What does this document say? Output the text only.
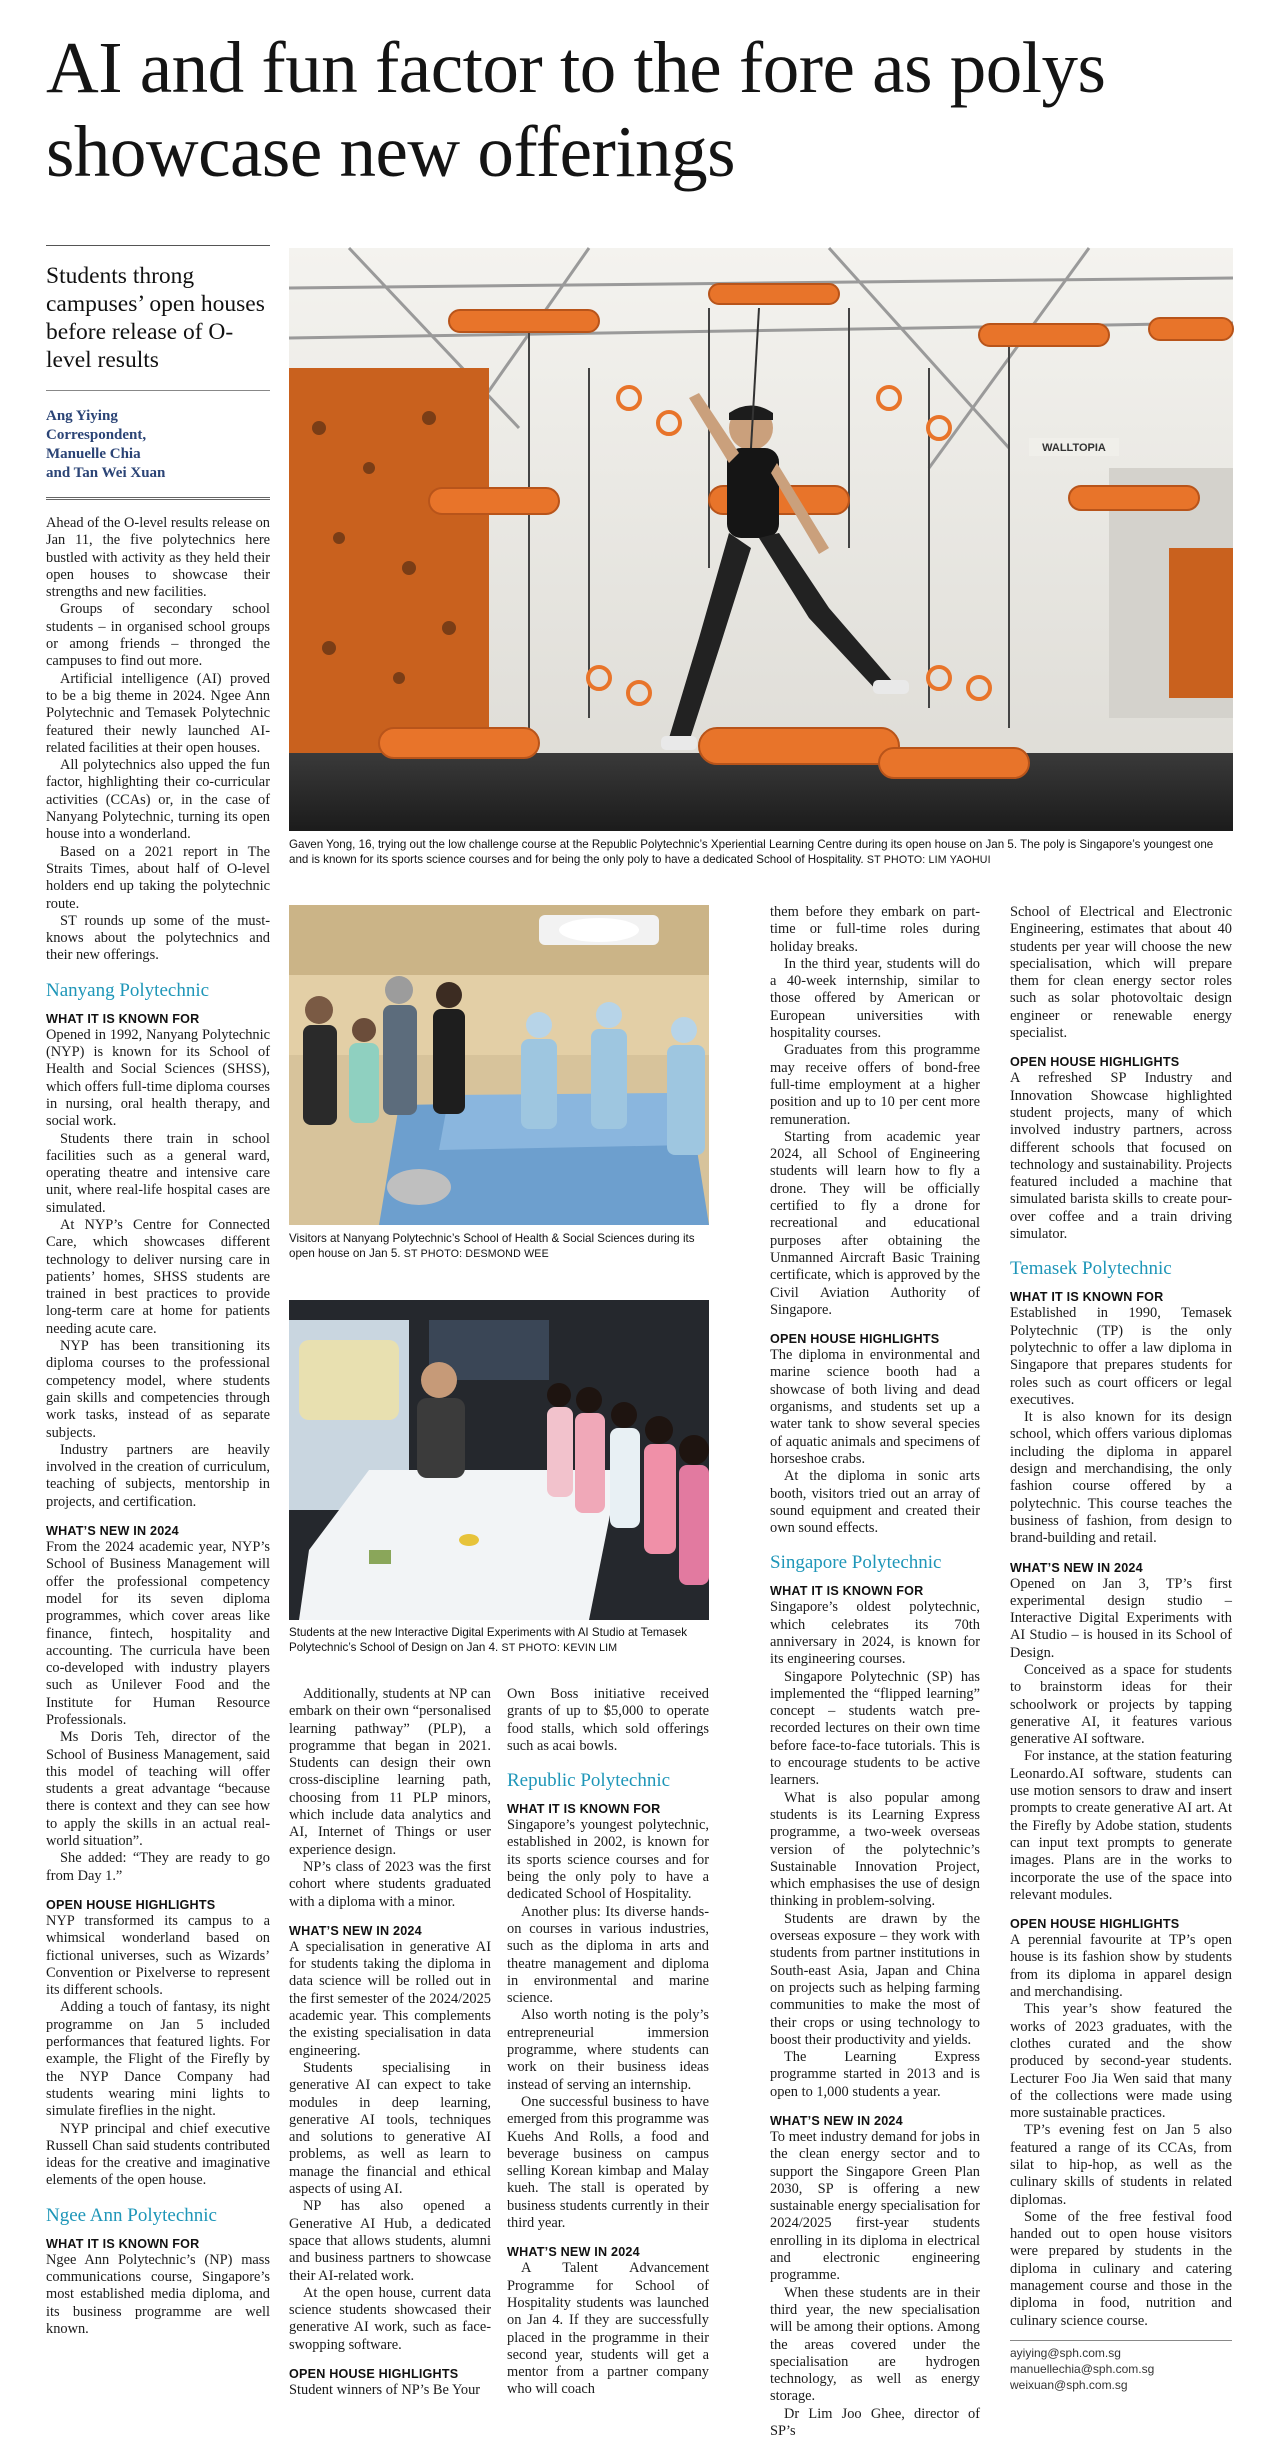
AI and fun factor to the fore as polys showcase new offerings
Students throng campuses’ open houses before release of O-level results
Ang Yiying
Correspondent,
Manuelle Chia
and Tan Wei Xuan

Ahead of the O-level results release on Jan 11, the five polytechnics here bustled with activity as they held their open houses to showcase their strengths and new facilities.

Groups of secondary school students – in organised school groups or among friends – thronged the campuses to find out more.

Artificial intelligence (AI) proved to be a big theme in 2024. Ngee Ann Polytechnic and Temasek Polytechnic featured their newly launched AI-related facilities at their open houses.

All polytechnics also upped the fun factor, highlighting their co-curricular activities (CCAs) or, in the case of Nanyang Polytechnic, turning its open house into a wonderland.

Based on a 2021 report in The Straits Times, about half of O-level holders end up taking the polytechnic route.

ST rounds up some of the must-knows about the polytechnics and their new offerings.

Nanyang Polytechnic
WHAT IT IS KNOWN FOR

Opened in 1992, Nanyang Polytechnic (NYP) is known for its School of Health and Social Sciences (SHSS), which offers full-time diploma courses in nursing, oral health therapy, and social work.

Students there train in school facilities such as a general ward, operating theatre and intensive care unit, where real-life hospital cases are simulated.

At NYP’s Centre for Connected Care, which showcases different technology to deliver nursing care in patients’ homes, SHSS students are trained in best practices to provide long-term care at home for patients needing acute care.

NYP has been transitioning its diploma courses to the professional competency model, where students gain skills and competencies through work tasks, instead of as separate subjects.

Industry partners are heavily involved in the creation of curriculum, teaching of subjects, mentorship in projects, and certification.

WHAT’S NEW IN 2024

From the 2024 academic year, NYP’s School of Business Management will offer the professional competency model for its seven diploma programmes, which cover areas like finance, fintech, hospitality and accounting. The curricula have been co-developed with industry players such as Unilever Food and the Institute for Human Resource Professionals.

Ms Doris Teh, director of the School of Business Management, said this model of teaching will offer students a great advantage “because there is context and they can see how to apply the skills in an actual real-world situation”.

She added: “They are ready to go from Day 1.”

OPEN HOUSE HIGHLIGHTS

NYP transformed its campus to a whimsical wonderland based on fictional universes, such as Wizards’ Convention or Pixelverse to represent its different schools.

Adding a touch of fantasy, its night programme on Jan 5 included performances that featured lights. For example, the Flight of the Firefly by the NYP Dance Company had students wearing mini lights to simulate fireflies in the night.

NYP principal and chief executive Russell Chan said students contributed ideas for the creative and imaginative elements of the open house.

Ngee Ann Polytechnic
WHAT IT IS KNOWN FOR

Ngee Ann Polytechnic’s (NP) mass communications course, Singapore’s most established media diploma, and its business programme are well known.

WALLTOPIA
Gaven Yong, 16, trying out the low challenge course at the Republic Polytechnic’s Xperiential Learning Centre during its open house on Jan 5. The poly is Singapore’s youngest one and is known for its sports science courses and for being the only poly to have a dedicated School of Hospitality. ST PHOTO: LIM YAOHUI
Visitors at Nanyang Polytechnic’s School of Health & Social Sciences during its open house on Jan 5. ST PHOTO: DESMOND WEE
Students at the new Interactive Digital Experiments with AI Studio at Temasek Polytechnic’s School of Design on Jan 4. ST PHOTO: KEVIN LIM

Additionally, students at NP can embark on their own “personalised learning pathway” (PLP), a programme that began in 2021. Students can design their own cross-discipline learning path, choosing from 11 PLP minors, which include data analytics and AI, Internet of Things or user experience design.

NP’s class of 2023 was the first cohort where students graduated with a diploma with a minor.

WHAT’S NEW IN 2024

A specialisation in generative AI for students taking the diploma in data science will be rolled out in the first semester of the 2024/2025 academic year. This complements the existing specialisation in data engineering.

Students specialising in generative AI can expect to take modules in deep learning, generative AI tools, techniques and solutions to generative AI problems, as well as learn to manage the financial and ethical aspects of using AI.

NP has also opened a Generative AI Hub, a dedicated space that allows students, alumni and business partners to showcase their AI-related work.

At the open house, current data science students showcased their generative AI work, such as face-swopping software.

OPEN HOUSE HIGHLIGHTS

Student winners of NP’s Be Your

Own Boss initiative received grants of up to $5,000 to operate food stalls, which sold offerings such as acai bowls.

Republic Polytechnic
WHAT IT IS KNOWN FOR

Singapore’s youngest polytechnic, established in 2002, is known for its sports science courses and for being the only poly to have a dedicated School of Hospitality.

Another plus: Its diverse hands-on courses in various industries, such as the diploma in arts and theatre management and diploma in environmental and marine science.

Also worth noting is the poly’s entrepreneurial immersion programme, where students can work on their business ideas instead of serving an internship.

One successful business to have emerged from this programme was Kuehs And Rolls, a food and beverage business on campus selling Korean kimbap and Malay kueh. The stall is operated by business students currently in their third year.

WHAT’S NEW IN 2024

A Talent Advancement Programme for School of Hospitality students was launched on Jan 4. If they are successfully placed in the programme in their second year, students will get a mentor from a partner company who will coach

them before they embark on part-time or full-time roles during holiday breaks.

In the third year, students will do a 40-week internship, similar to those offered by American or European universities with hospitality courses.

Graduates from this programme may receive offers of bond-free full-time employment at a higher position and up to 10 per cent more remuneration.

Starting from academic year 2024, all School of Engineering students will learn how to fly a drone. They will be officially certified to fly a drone for recreational and educational purposes after obtaining the Unmanned Aircraft Basic Training certificate, which is approved by the Civil Aviation Authority of Singapore.

OPEN HOUSE HIGHLIGHTS

The diploma in environmental and marine science booth had a showcase of both living and dead organisms, and students set up a water tank to show several species of aquatic animals and specimens of horseshoe crabs.

At the diploma in sonic arts booth, visitors tried out an array of sound equipment and created their own sound effects.

Singapore Polytechnic
WHAT IT IS KNOWN FOR

Singapore’s oldest polytechnic, which celebrates its 70th anniversary in 2024, is known for its engineering courses.

Singapore Polytechnic (SP) has implemented the “flipped learning” concept – students watch pre-recorded lectures on their own time before face-to-face tutorials. This is to encourage students to be active learners.

What is also popular among students is its Learning Express programme, a two-week overseas version of the polytechnic’s Sustainable Innovation Project, which emphasises the use of design thinking in problem-solving.

Students are drawn by the overseas exposure – they work with students from partner institutions in South-east Asia, Japan and China on projects such as helping farming communities to make the most of their crops or using technology to boost their productivity and yields.

The Learning Express programme started in 2013 and is open to 1,000 students a year.

WHAT’S NEW IN 2024

To meet industry demand for jobs in the clean energy sector and to support the Singapore Green Plan 2030, SP is offering a new sustainable energy specialisation for 2024/2025 first-year students enrolling in its diploma in electrical and electronic engineering programme.

When these students are in their third year, the new specialisation will be among their options. Among the areas covered under the specialisation are hydrogen technology, as well as energy storage.

Dr Lim Joo Ghee, director of SP’s

School of Electrical and Electronic Engineering, estimates that about 40 students per year will choose the new specialisation, which will prepare them for clean energy sector roles such as solar photovoltaic design engineer or renewable energy specialist.

OPEN HOUSE HIGHLIGHTS

A refreshed SP Industry and Innovation Showcase highlighted student projects, many of which involved industry partners, across different schools that focused on technology and sustainability. Projects featured included a machine that simulated barista skills to create pour-over coffee and a train driving simulator.

Temasek Polytechnic
WHAT IT IS KNOWN FOR

Established in 1990, Temasek Polytechnic (TP) is the only polytechnic to offer a law diploma in Singapore that prepares students for roles such as court officers or legal executives.

It is also known for its design school, which offers various diplomas including the diploma in apparel design and merchandising, the only fashion course offered by a polytechnic. This course teaches the business of fashion, from design to brand-building and retail.

WHAT’S NEW IN 2024

Opened on Jan 3, TP’s first experimental design studio – Interactive Digital Experiments with AI Studio – is housed in its School of Design.

Conceived as a space for students to brainstorm ideas for their schoolwork or projects by tapping generative AI, it features various generative AI software.

For instance, at the station featuring Leonardo.AI software, students can use motion sensors to draw and insert prompts to create generative AI art. At the Firefly by Adobe station, students can input text prompts to generate images. Plans are in the works to incorporate the use of the space into relevant modules.

OPEN HOUSE HIGHLIGHTS

A perennial favourite at TP’s open house is its fashion show by students from its diploma in apparel design and merchandising.

This year’s show featured the works of 2023 graduates, with the clothes curated and the show produced by second-year students. Lecturer Foo Jia Wen said that many of the collections were made using more sustainable practices.

TP’s evening fest on Jan 5 also featured a range of its CCAs, from silat to hip-hop, as well as the culinary skills of students in related diplomas.

Some of the free festival food handed out to open house visitors were prepared by students in the diploma in culinary and catering management course and those in the diploma in food, nutrition and culinary science course.

ayiying@sph.com.sg
manuellechia@sph.com.sg
weixuan@sph.com.sg
